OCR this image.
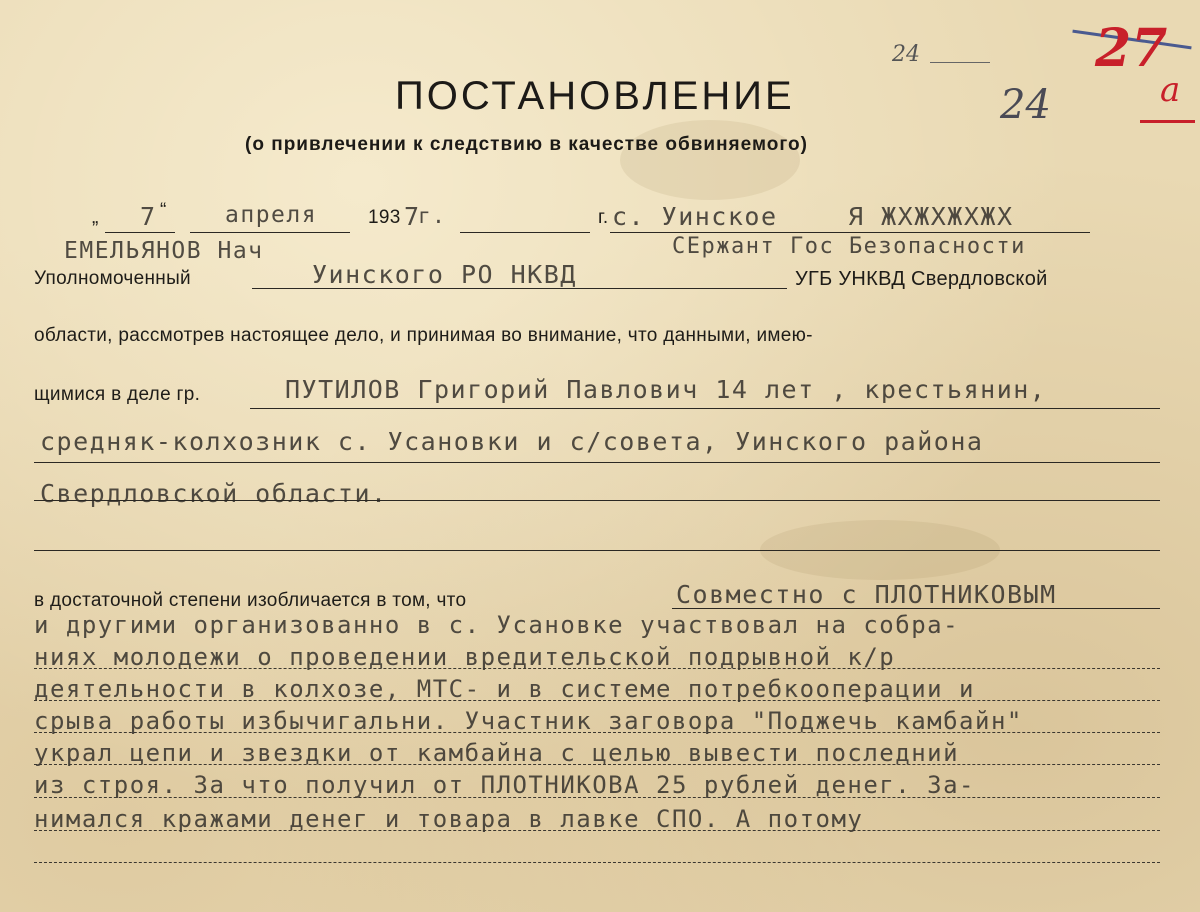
24
24
27
a
ПОСТАНОВЛЕНИЕ
(о привлечении к следствию в качестве обвиняемого)
„ 7 “	апреля	193 7
г.	г. с. Уинское	Я ЖХЖХЖХЖХ
ЕМЕЛЬЯНОВ Нач	СЕржант Гос Безопасности
Уполномоченный	Уинского РО НКВД	УГБ УНКВД Свердловской
области, рассмотрев настоящее дело, и принимая во внимание, что данными, имею-
щимися в деле гр.	ПУТИЛОВ Григорий Павлович 14 лет , крестьянин,
средняк-колхозник с. Усановки и с/совета, Уинского района
Свердловской области.
в достаточной степени изобличается в том, что	Совместно с ПЛОТНИКОВЫМ
и другими организованно в с. Усановке участвовал на собра-
ниях молодежи о проведении вредительской подрывной к/р
деятельности в колхозе, МТС- и в системе потребкооперации и
срыва работы избычигальни. Участник заговора "Поджечь камбайн"
украл цепи и звездки от камбайна с целью вывести последний
из строя. За что получил от ПЛОТНИКОВА 25 рублей денег. За-
нимался кражами денег и товара в лавке СПО. А потому
